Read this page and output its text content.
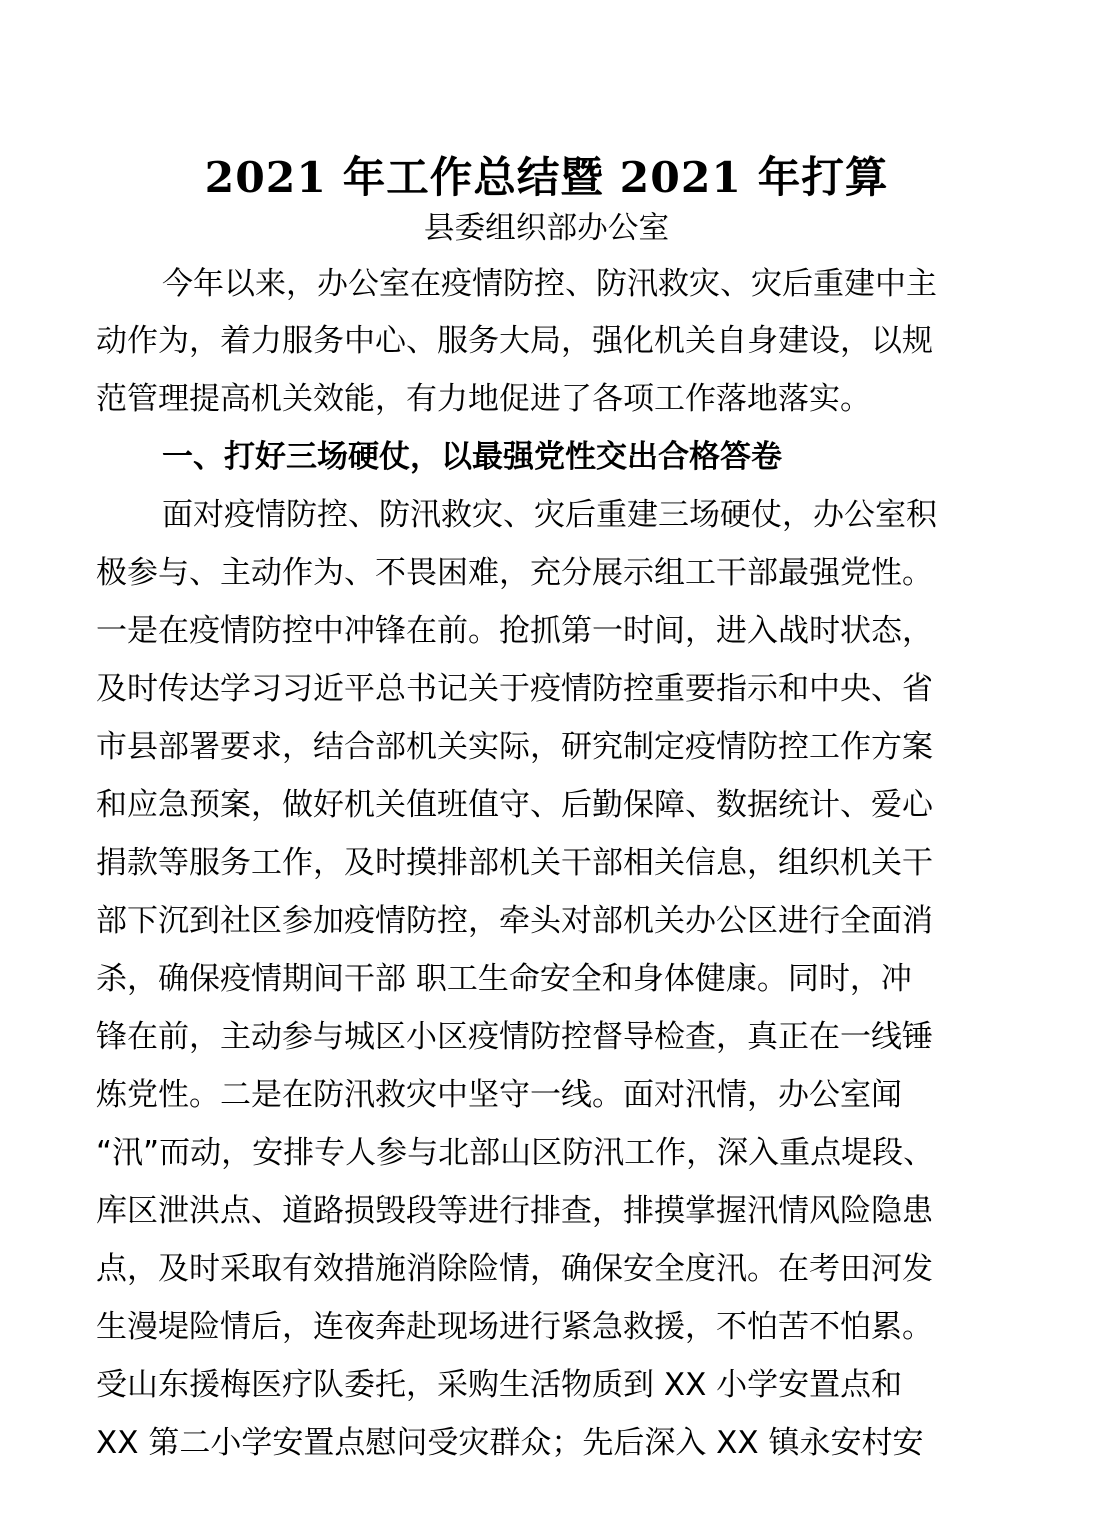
2021 年工作总结暨 2021 年打算
县委组织部办公室
今年以来，办公室在疫情防控、防汛救灾、灾后重建中主
动作为，着力服务中心、服务大局，强化机关自身建设，以规
范管理提高机关效能，有力地促进了各项工作落地落实。
一、打好三场硬仗，以最强党性交出合格答卷
面对疫情防控、防汛救灾、灾后重建三场硬仗，办公室积
极参与、主动作为、不畏困难，充分展示组工干部最强党性。
一是在疫情防控中冲锋在前。抢抓第一时间，进入战时状态，
及时传达学习习近平总书记关于疫情防控重要指示和中央、省
市县部署要求，结合部机关实际，研究制定疫情防控工作方案
和应急预案，做好机关值班值守、后勤保障、数据统计、爱心
捐款等服务工作，及时摸排部机关干部相关信息，组织机关干
部下沉到社区参加疫情防控，牵头对部机关办公区进行全面消
杀，确保疫情期间干部 职工生命安全和身体健康。同时，冲
锋在前，主动参与城区小区疫情防控督导检查，真正在一线锤
炼党性。二是在防汛救灾中坚守一线。面对汛情，办公室闻
“汛”而动，安排专人参与北部山区防汛工作，深入重点堤段、
库区泄洪点、道路损毁段等进行排查，排摸掌握汛情风险隐患
点，及时采取有效措施消除险情，确保安全度汛。在考田河发
生漫堤险情后，连夜奔赴现场进行紧急救援，不怕苦不怕累。
受山东援梅医疗队委托，采购生活物质到 XX 小学安置点和
XX 第二小学安置点慰问受灾群众；先后深入 XX 镇永安村安
